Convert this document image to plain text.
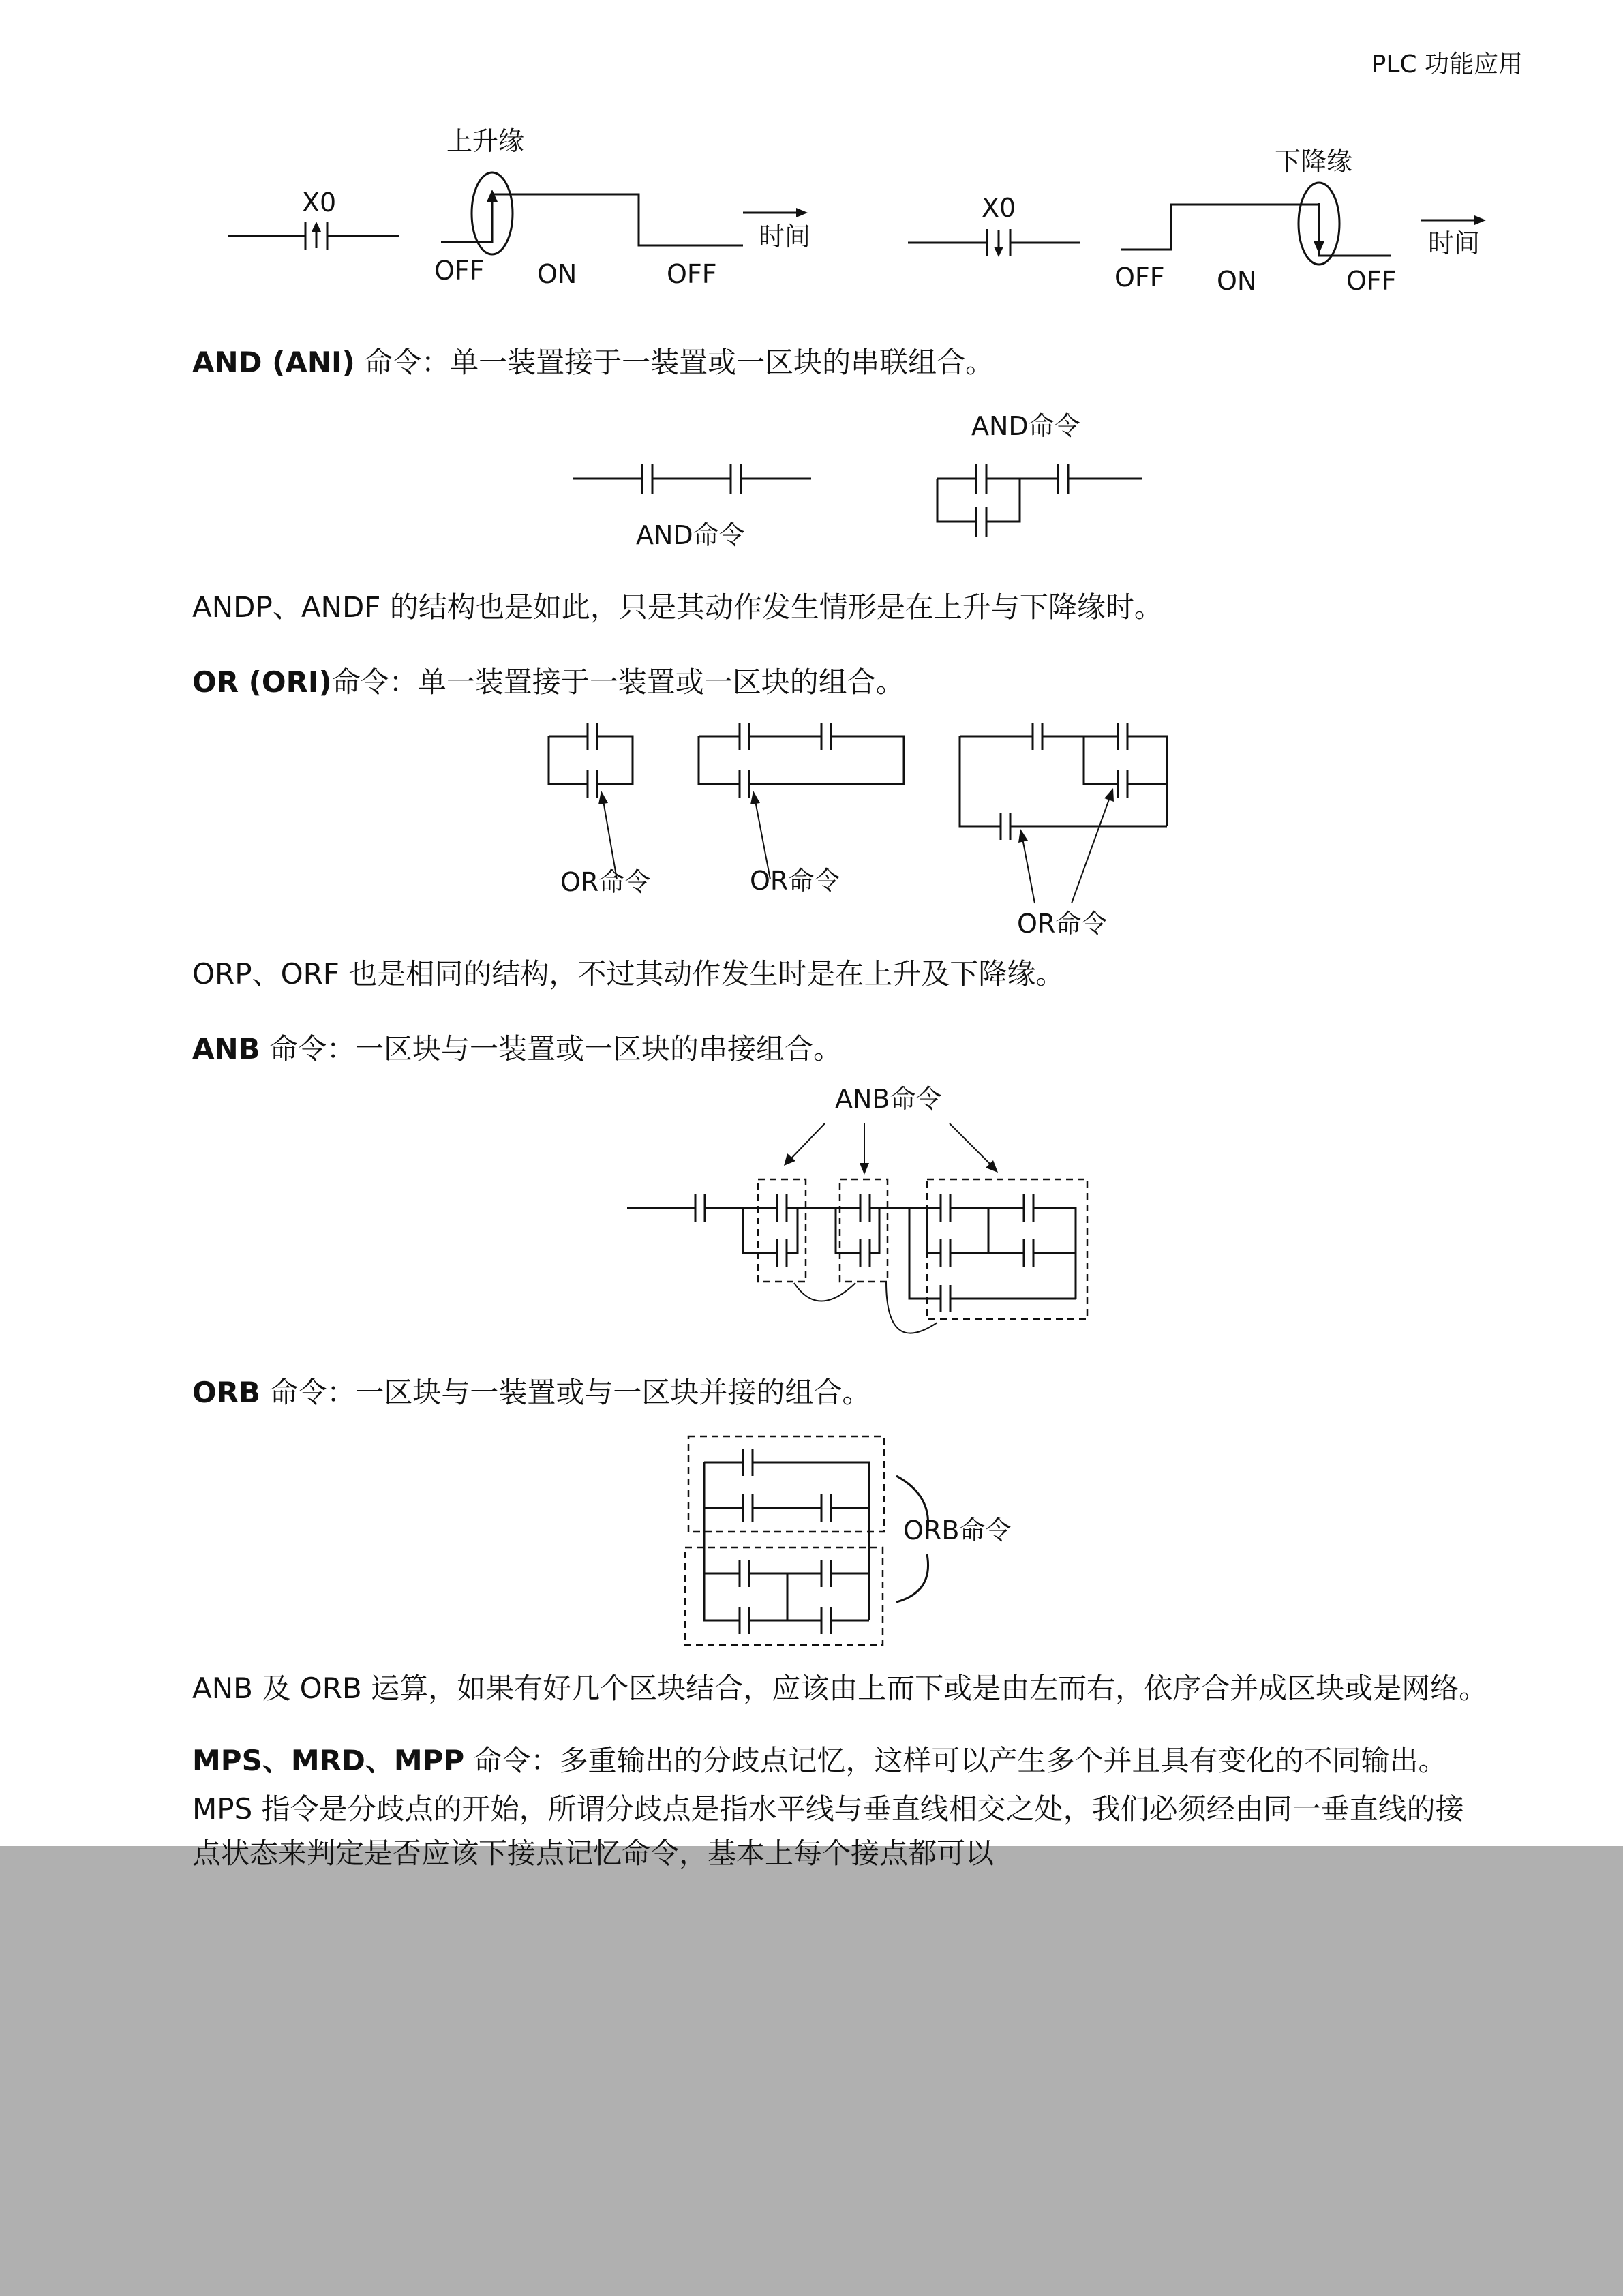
PLC 功能应用
上升缘
下降缘
X0
OFF ON	OFF
时间
X0
OFF ON	OFF
时间
AND (ANI) 命令：单一装置接于一装置或一区块的串联组合。
AND命令
AND命令
ANDP、ANDF 的结构也是如此，只是其动作发生情形是在上升与下降缘时。
OR (ORI)命令：单一装置接于一装置或一区块的组合。
OR命令	OR命令
OR命令
ORP、ORF 也是相同的结构，不过其动作发生时是在上升及下降缘。
ANB 命令：一区块与一装置或一区块的串接组合。
ANB命令
ORB 命令：一区块与一装置或与一区块并接的组合。
ORB命令
ANB 及 ORB 运算，如果有好几个区块结合，应该由上而下或是由左而右，依序合并成区块或是网络。
MPS、MRD、MPP 命令：多重输出的分歧点记忆，这样可以产生多个并且具有变化的不同输出。
MPS 指令是分歧点的开始，所谓分歧点是指水平线与垂直线相交之处，我们必须经由同一垂直线的接
点状态来判定是否应该下接点记忆命令，基本上每个接点都可以
